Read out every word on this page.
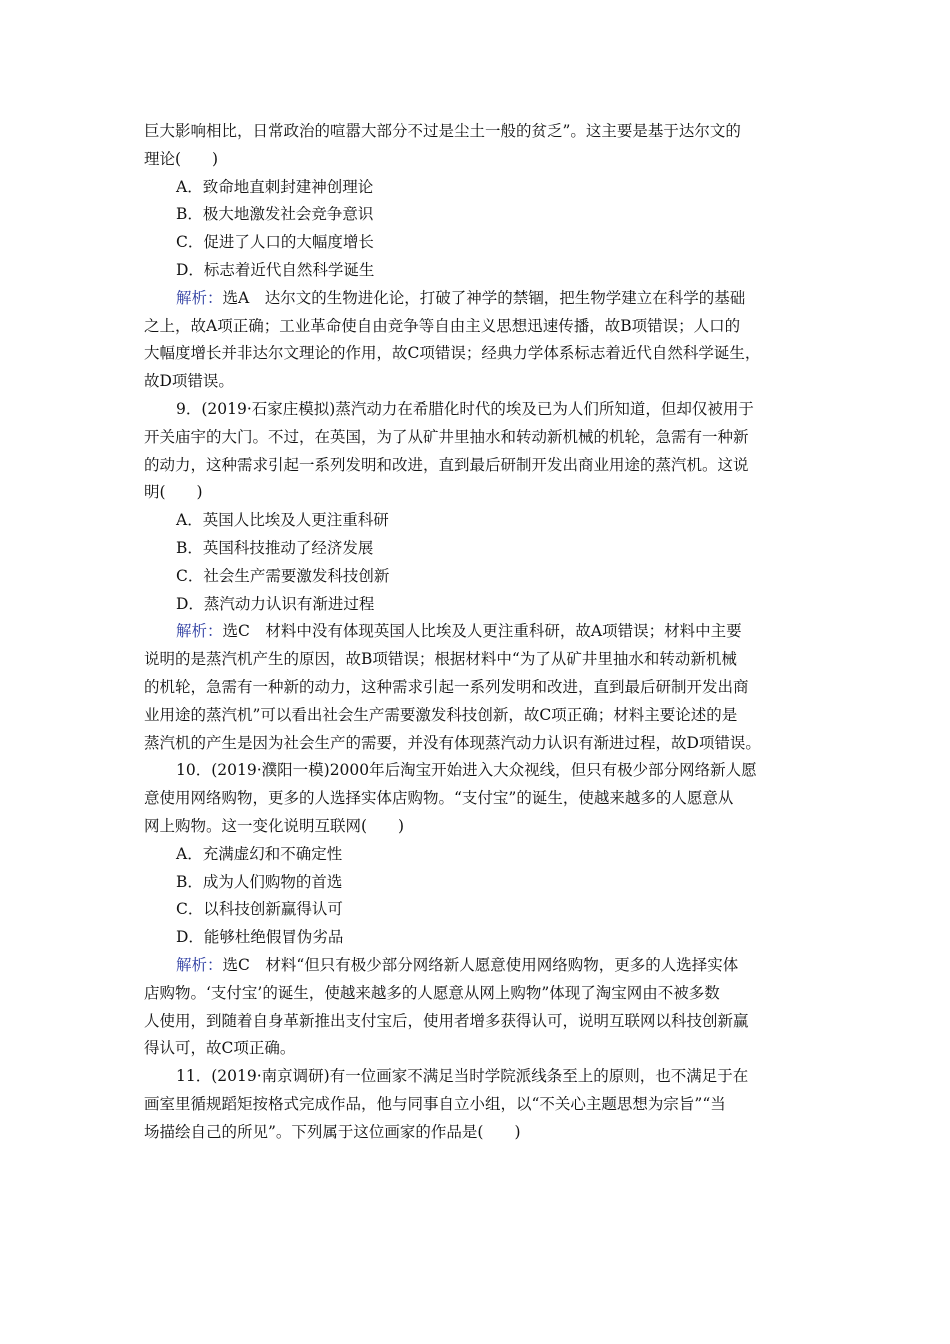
巨大影响相比，日常政治的喧嚣大部分不过是尘土一般的贫乏”。这主要是基于达尔文的
理论(　　)
A．致命地直刺封建神创理论
B．极大地激发社会竞争意识
C．促进了人口的大幅度增长
D．标志着近代自然科学诞生
解析：选A　达尔文的生物进化论，打破了神学的禁锢，把生物学建立在科学的基础
之上，故A项正确；工业革命使自由竞争等自由主义思想迅速传播，故B项错误；人口的
大幅度增长并非达尔文理论的作用，故C项错误；经典力学体系标志着近代自然科学诞生，
故D项错误。
9．(2019·石家庄模拟)蒸汽动力在希腊化时代的埃及已为人们所知道，但却仅被用于
开关庙宇的大门。不过，在英国，为了从矿井里抽水和转动新机械的机轮，急需有一种新
的动力，这种需求引起一系列发明和改进，直到最后研制开发出商业用途的蒸汽机。这说
明(　　)
A．英国人比埃及人更注重科研
B．英国科技推动了经济发展
C．社会生产需要激发科技创新
D．蒸汽动力认识有渐进过程
解析：选C　材料中没有体现英国人比埃及人更注重科研，故A项错误；材料中主要
说明的是蒸汽机产生的原因，故B项错误；根据材料中“为了从矿井里抽水和转动新机械
的机轮，急需有一种新的动力，这种需求引起一系列发明和改进，直到最后研制开发出商
业用途的蒸汽机”可以看出社会生产需要激发科技创新，故C项正确；材料主要论述的是
蒸汽机的产生是因为社会生产的需要，并没有体现蒸汽动力认识有渐进过程，故D项错误。
10．(2019·濮阳一模)2000年后淘宝开始进入大众视线，但只有极少部分网络新人愿
意使用网络购物，更多的人选择实体店购物。“支付宝”的诞生，使越来越多的人愿意从
网上购物。这一变化说明互联网(　　)
A．充满虚幻和不确定性
B．成为人们购物的首选
C．以科技创新赢得认可
D．能够杜绝假冒伪劣品
解析：选C　材料“但只有极少部分网络新人愿意使用网络购物，更多的人选择实体
店购物。‘支付宝’的诞生，使越来越多的人愿意从网上购物”体现了淘宝网由不被多数
人使用，到随着自身革新推出支付宝后，使用者增多获得认可，说明互联网以科技创新赢
得认可，故C项正确。
11．(2019·南京调研)有一位画家不满足当时学院派线条至上的原则，也不满足于在
画室里循规蹈矩按格式完成作品，他与同事自立小组，以“不关心主题思想为宗旨”“当
场描绘自己的所见”。下列属于这位画家的作品是(　　)
